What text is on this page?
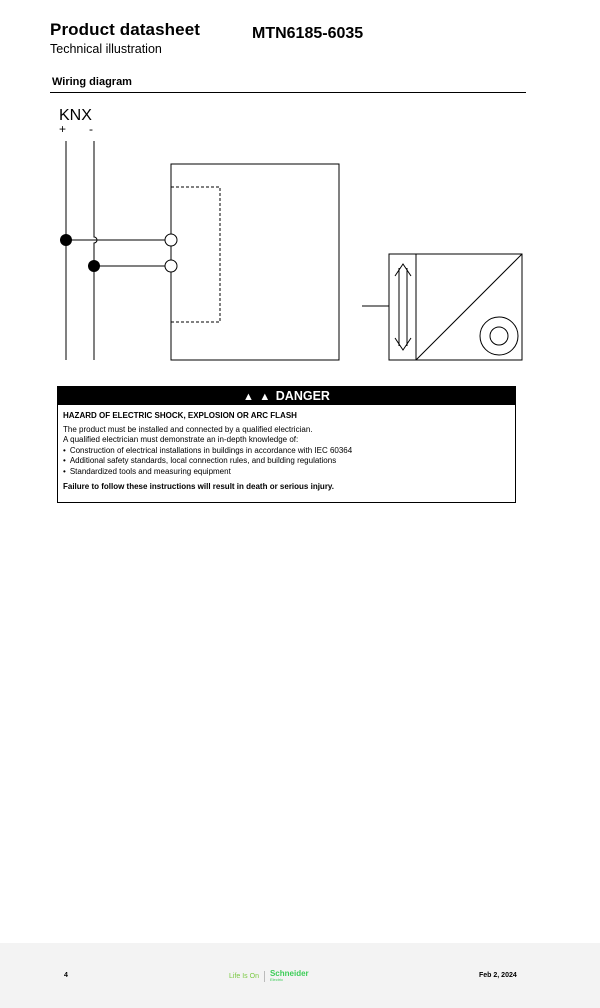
Product datasheet
Technical illustration
MTN6185-6035
Wiring diagram
KNX
+ -
▲ ▲ DANGER
HAZARD OF ELECTRIC SHOCK, EXPLOSION OR ARC FLASH
The product must be installed and connected by a qualified electrician.
A qualified electrician must demonstrate an in-depth knowledge of:
• Construction of electrical installations in buildings in accordance with IEC 60364
• Additional safety standards, local connection rules, and building regulations
• Standardized tools and measuring equipment
Failure to follow these instructions will result in death or serious injury.
4	Life Is On Schneider
Electric
Feb 2, 2024
